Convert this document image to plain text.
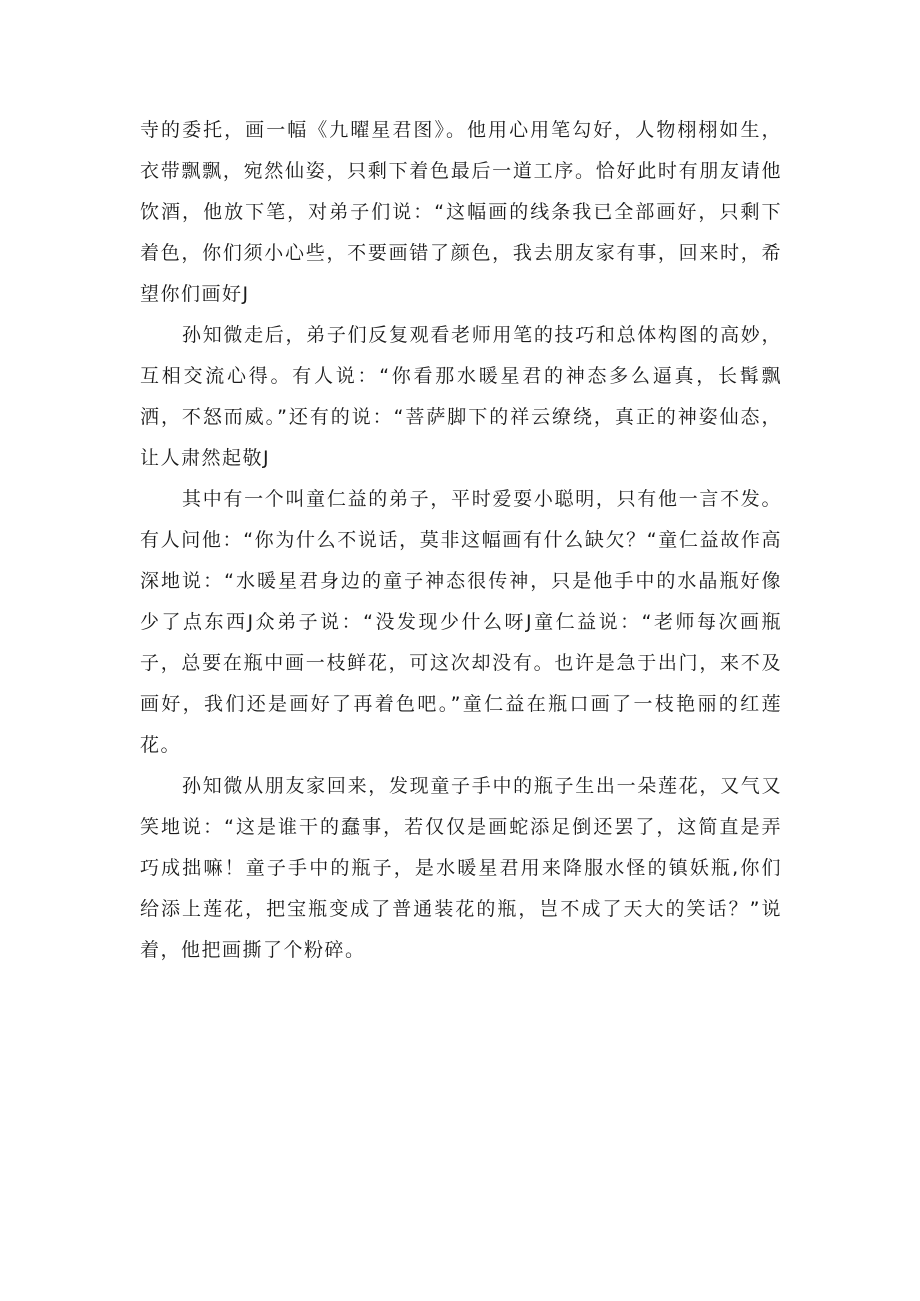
寺的委托，画一幅《九曜星君图》。他用心用笔勾好，人物栩栩如生，衣带飘飘，宛然仙姿，只剩下着色最后一道工序。恰好此时有朋友请他饮酒，他放下笔，对弟子们说：“这幅画的线条我已全部画好，只剩下着色，你们须小心些，不要画错了颜色，我去朋友家有事，回来时，希望你们画好J

孙知微走后，弟子们反复观看老师用笔的技巧和总体构图的高妙，互相交流心得。有人说：“你看那水暖星君的神态多么逼真，长髯飘洒，不怒而威。”还有的说：“菩萨脚下的祥云缭绕，真正的神姿仙态，让人肃然起敬J

其中有一个叫童仁益的弟子，平时爱耍小聪明，只有他一言不发。有人问他：“你为什么不说话，莫非这幅画有什么缺欠？“童仁益故作高深地说：“水暖星君身边的童子神态很传神，只是他手中的水晶瓶好像少了点东西J众弟子说：“没发现少什么呀J童仁益说：“老师每次画瓶子，总要在瓶中画一枝鲜花，可这次却没有。也许是急于出门，来不及画好，我们还是画好了再着色吧。”童仁益在瓶口画了一枝艳丽的红莲花。

孙知微从朋友家回来，发现童子手中的瓶子生出一朵莲花，又气又笑地说：“这是谁干的蠢事，若仅仅是画蛇添足倒还罢了，这简直是弄巧成拙嘛！童子手中的瓶子，是水暖星君用来降服水怪的镇妖瓶,你们给添上莲花，把宝瓶变成了普通装花的瓶，岂不成了天大的笑话？”说着，他把画撕了个粉碎。
